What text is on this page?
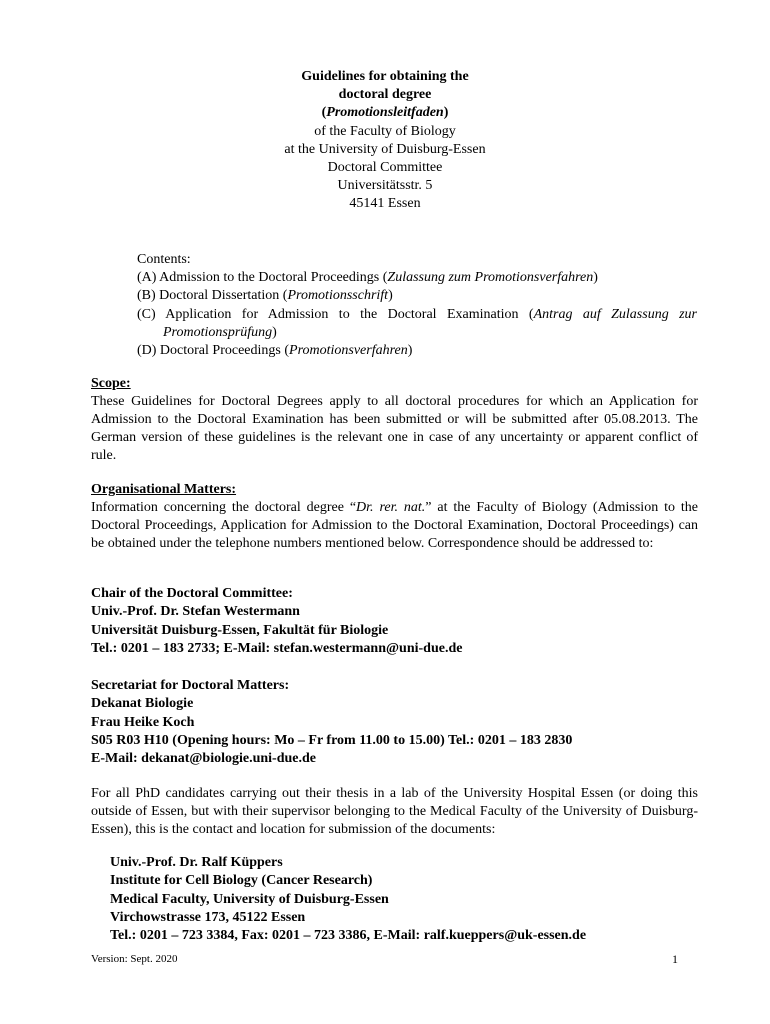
Guidelines for obtaining the
doctoral degree
(Promotionsleitfaden)
of the Faculty of Biology
at the University of Duisburg-Essen
Doctoral Committee
Universitätsstr. 5
45141 Essen
Contents:
(A) Admission to the Doctoral Proceedings (Zulassung zum Promotionsverfahren)
(B) Doctoral Dissertation (Promotionsschrift)
(C) Application for Admission to the Doctoral Examination (Antrag auf Zulassung zur
Promotionsprüfung)
(D) Doctoral Proceedings (Promotionsverfahren)
Scope:
These Guidelines for Doctoral Degrees apply to all doctoral procedures for which an Application for Admission to the Doctoral Examination has been submitted or will be submitted after 05.08.2013. The German version of these guidelines is the relevant one in case of any uncertainty or apparent conflict of rule.
Organisational Matters:
Information concerning the doctoral degree “Dr. rer. nat.” at the Faculty of Biology (Admission to the Doctoral Proceedings, Application for Admission to the Doctoral Examination, Doctoral Proceedings) can be obtained under the telephone numbers mentioned below. Correspondence should be addressed to:
Chair of the Doctoral Committee:
Univ.-Prof. Dr. Stefan Westermann
Universität Duisburg-Essen, Fakultät für Biologie
Tel.: 0201 – 183 2733; E-Mail: stefan.westermann@uni-due.de
Secretariat for Doctoral Matters:
Dekanat Biologie
Frau Heike Koch
S05 R03 H10 (Opening hours: Mo – Fr from 11.00 to 15.00) Tel.: 0201 – 183 2830
E-Mail: dekanat@biologie.uni-due.de
For all PhD candidates carrying out their thesis in a lab of the University Hospital Essen (or doing this outside of Essen, but with their supervisor belonging to the Medical Faculty of the University of Duisburg-Essen), this is the contact and location for submission of the documents:
Univ.-Prof. Dr. Ralf Küppers
Institute for Cell Biology (Cancer Research)
Medical Faculty, University of Duisburg-Essen
Virchowstrasse 173, 45122 Essen
Tel.: 0201 – 723 3384, Fax: 0201 – 723 3386, E-Mail: ralf.kueppers@uk-essen.de
Version: Sept. 2020	1
